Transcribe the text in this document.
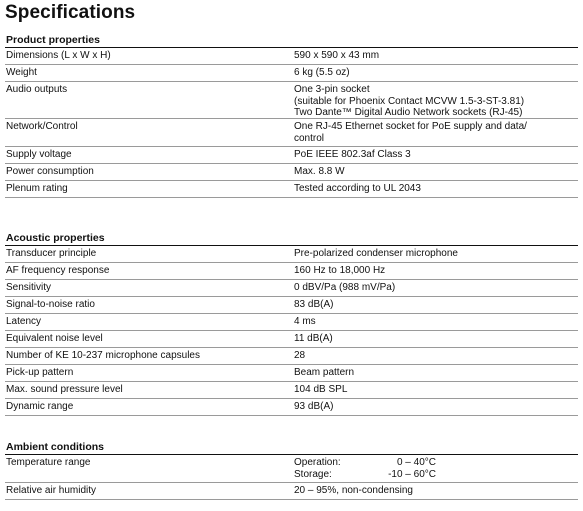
Specifications
Product properties
Dimensions (L x W x H)	590 x 590 x 43 mm
Weight	6 kg (5.5 oz)
Audio outputs	One 3-pin socket
(suitable for Phoenix Contact MCVW 1.5-3-ST-3.81)
Two Dante™ Digital Audio Network sockets (RJ-45)
Network/Control	One RJ-45 Ethernet socket for PoE supply and data/
control
Supply voltage	PoE IEEE 802.3af Class 3
Power consumption	Max. 8.8 W
Plenum rating	Tested according to UL 2043
Acoustic properties
Transducer principle	Pre-polarized condenser microphone
AF frequency response	160 Hz to 18,000 Hz
Sensitivity	0 dBV/Pa (988 mV/Pa)
Signal-to-noise ratio	83 dB(A)
Latency	4 ms
Equivalent noise level	11 dB(A)
Number of KE 10-237 microphone capsules	28
Pick-up pattern	Beam pattern
Max. sound pressure level	104 dB SPL
Dynamic range	93 dB(A)
Ambient conditions
Temperature range	Operation:	0 – 40°C
Storage:	-10 – 60°C
Relative air humidity	20 – 95%, non-condensing
